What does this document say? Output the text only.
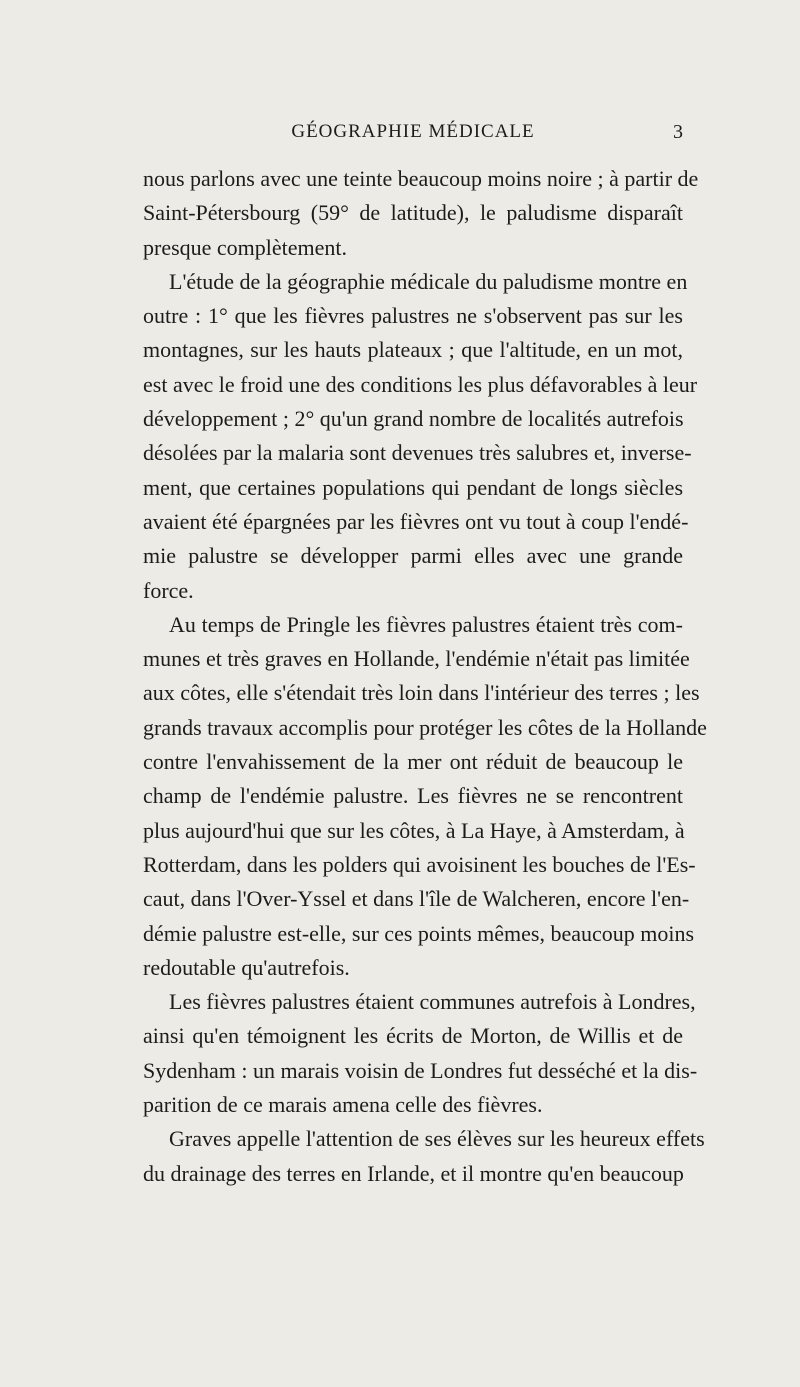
GÉOGRAPHIE MÉDICALE	3
nous parlons avec une teinte beaucoup moins noire ; à partir de
Saint-Pétersbourg (59° de latitude), le paludisme disparaît
presque complètement.
L'étude de la géographie médicale du paludisme montre en
outre : 1° que les fièvres palustres ne s'observent pas sur les
montagnes, sur les hauts plateaux ; que l'altitude, en un mot,
est avec le froid une des conditions les plus défavorables à leur
développement ; 2° qu'un grand nombre de localités autrefois
désolées par la malaria sont devenues très salubres et, inverse-
ment, que certaines populations qui pendant de longs siècles
avaient été épargnées par les fièvres ont vu tout à coup l'endé-
mie palustre se développer parmi elles avec une grande
force.
Au temps de Pringle les fièvres palustres étaient très com-
munes et très graves en Hollande, l'endémie n'était pas limitée
aux côtes, elle s'étendait très loin dans l'intérieur des terres ; les
grands travaux accomplis pour protéger les côtes de la Hollande
contre l'envahissement de la mer ont réduit de beaucoup le
champ de l'endémie palustre. Les fièvres ne se rencontrent
plus aujourd'hui que sur les côtes, à La Haye, à Amsterdam, à
Rotterdam, dans les polders qui avoisinent les bouches de l'Es-
caut, dans l'Over-Yssel et dans l'île de Walcheren, encore l'en-
démie palustre est-elle, sur ces points mêmes, beaucoup moins
redoutable qu'autrefois.
Les fièvres palustres étaient communes autrefois à Londres,
ainsi qu'en témoignent les écrits de Morton, de Willis et de
Sydenham : un marais voisin de Londres fut desséché et la dis-
parition de ce marais amena celle des fièvres.
Graves appelle l'attention de ses élèves sur les heureux effets
du drainage des terres en Irlande, et il montre qu'en beaucoup
